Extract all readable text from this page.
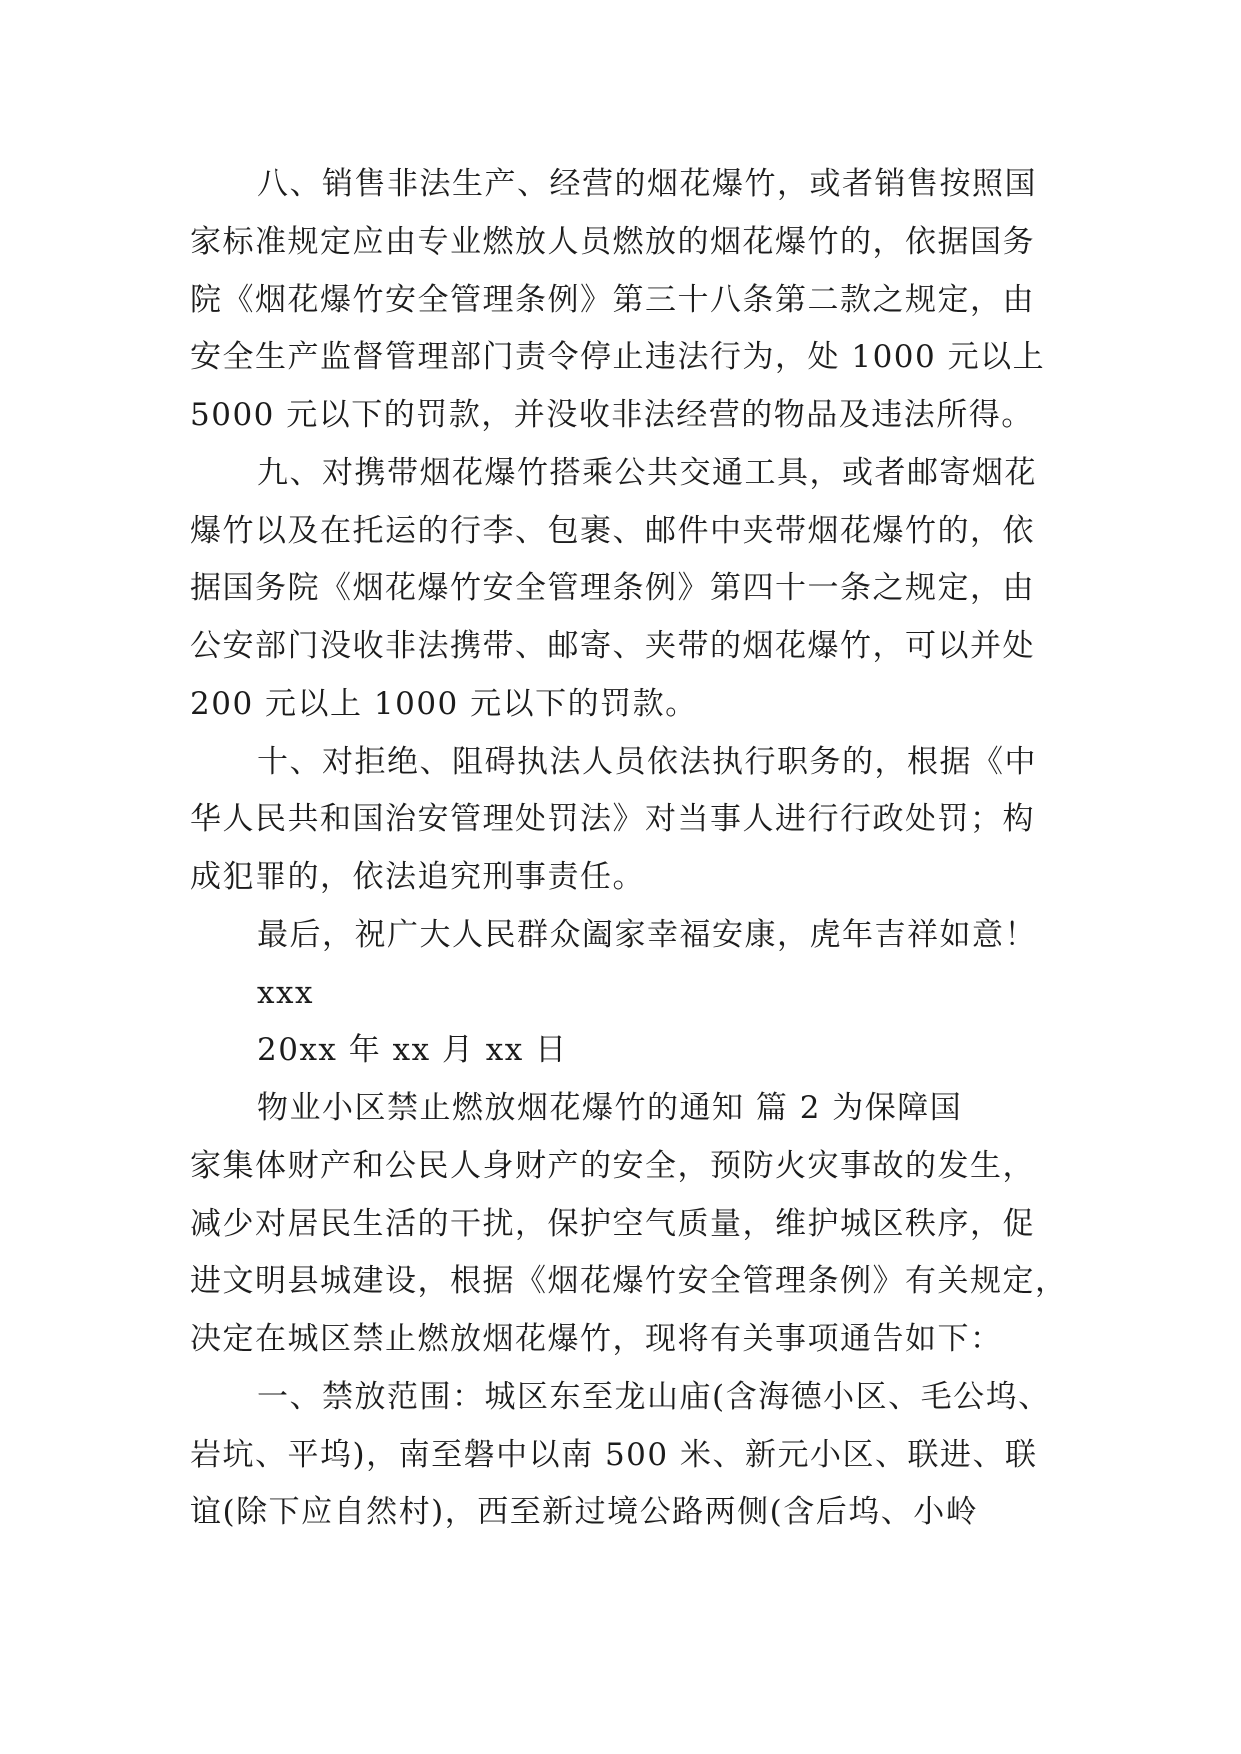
八、销售非法生产、经营的烟花爆竹，或者销售按照国
家标准规定应由专业燃放人员燃放的烟花爆竹的，依据国务
院《烟花爆竹安全管理条例》第三十八条第二款之规定，由
安全生产监督管理部门责令停止违法行为，处 1000 元以上
5000 元以下的罚款，并没收非法经营的物品及违法所得。
九、对携带烟花爆竹搭乘公共交通工具，或者邮寄烟花
爆竹以及在托运的行李、包裹、邮件中夹带烟花爆竹的，依
据国务院《烟花爆竹安全管理条例》第四十一条之规定，由
公安部门没收非法携带、邮寄、夹带的烟花爆竹，可以并处
200 元以上 1000 元以下的罚款。
十、对拒绝、阻碍执法人员依法执行职务的，根据《中
华人民共和国治安管理处罚法》对当事人进行行政处罚；构
成犯罪的，依法追究刑事责任。
最后，祝广大人民群众阖家幸福安康，虎年吉祥如意！
xxx
20xx 年 xx 月 xx 日
物业小区禁止燃放烟花爆竹的通知 篇 2 为保障国
家集体财产和公民人身财产的安全，预防火灾事故的发生，
减少对居民生活的干扰，保护空气质量，维护城区秩序，促
进文明县城建设，根据《烟花爆竹安全管理条例》有关规定，
决定在城区禁止燃放烟花爆竹，现将有关事项通告如下：
一、禁放范围：城区东至龙山庙(含海德小区、毛公坞、
岩坑、平坞)，南至磐中以南 500 米、新元小区、联进、联
谊(除下应自然村)，西至新过境公路两侧(含后坞、小岭
